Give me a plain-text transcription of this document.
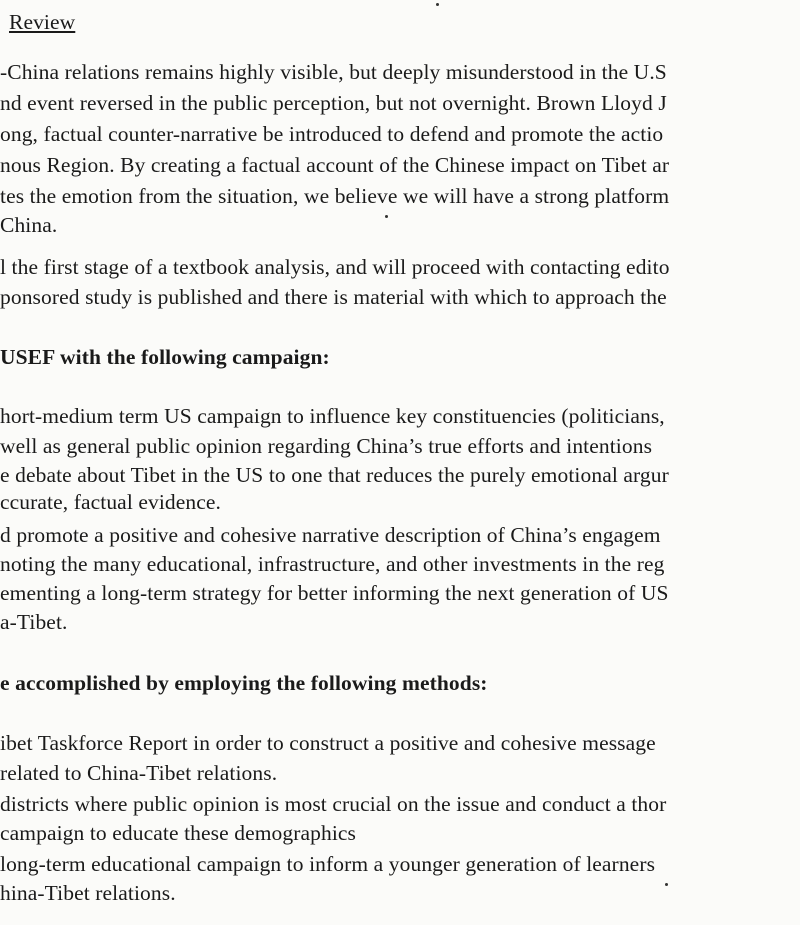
Review
-China relations remains highly visible, but deeply misunderstood in the U.S
nd event reversed in the public perception, but not overnight. Brown Lloyd J
ong, factual counter-narrative be introduced to defend and promote the actio
nous Region. By creating a factual account of the Chinese impact on Tibet ar
tes the emotion from the situation, we believe we will have a strong platform
China.
l the first stage of a textbook analysis, and will proceed with contacting edito
ponsored study is published and there is material with which to approach the
USEF with the following campaign:
hort-medium term US campaign to influence key constituencies (politicians,
well as general public opinion regarding China’s true efforts and intentions
e debate about Tibet in the US to one that reduces the purely emotional argur
ccurate, factual evidence.
d promote a positive and cohesive narrative description of China’s engagem
noting the many educational, infrastructure, and other investments in the reg
ementing a long-term strategy for better informing the next generation of US
a-Tibet.
e accomplished by employing the following methods:
ibet Taskforce Report in order to construct a positive and cohesive message
related to China-Tibet relations.
districts where public opinion is most crucial on the issue and conduct a thor
campaign to educate these demographics
long-term educational campaign to inform a younger generation of learners
hina-Tibet relations.
